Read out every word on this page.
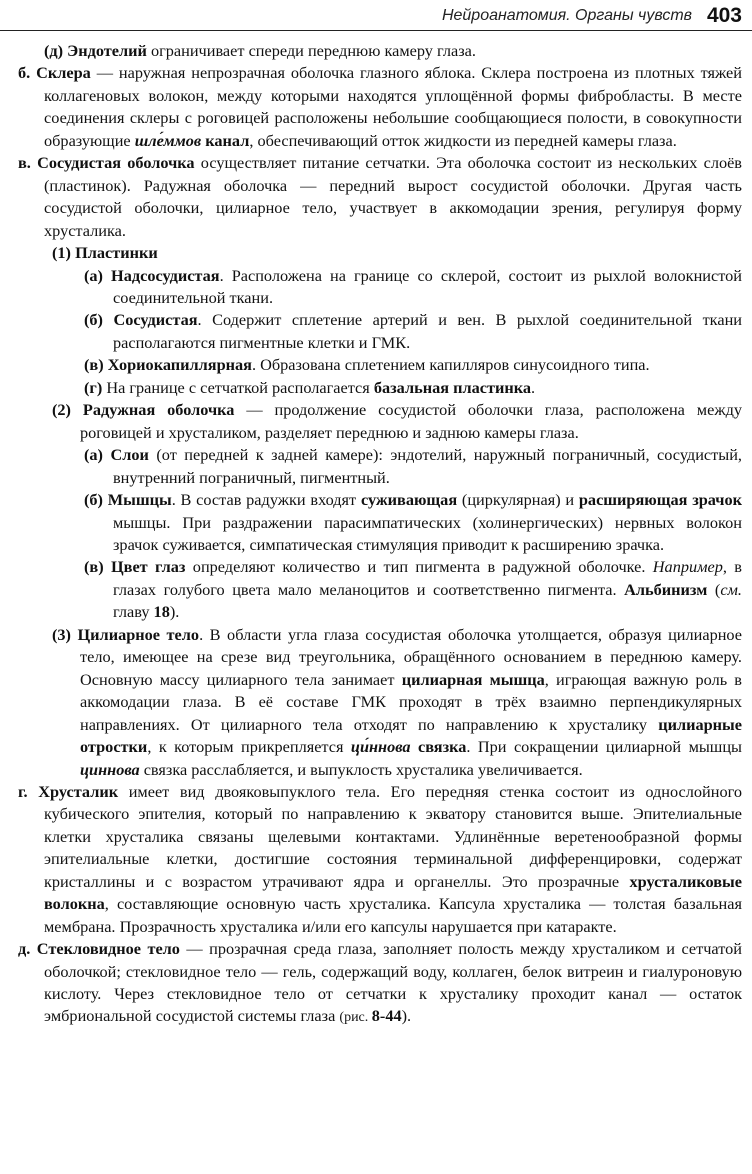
Нейроанатомия. Органы чувств 403

(д) Эндотелий ограничивает спереди переднюю камеру глаза.

б. Склера — наружная непрозрачная оболочка глазного яблока. Склера построена из плотных тяжей коллагеновых волокон, между которыми находятся уплощённой формы фибробласты. В месте соединения склеры с роговицей расположены небольшие сообщающиеся полости, в совокупности образующие шле́ммов канал, обеспечивающий отток жидкости из передней камеры глаза.

в. Сосудистая оболочка осуществляет питание сетчатки. Эта оболочка состоит из нескольких слоёв (пластинок). Радужная оболочка — передний вырост сосудистой оболочки. Другая часть сосудистой оболочки, цилиарное тело, участвует в аккомодации зрения, регулируя форму хрусталика.

(1) Пластинки

(а) Надсосудистая. Расположена на границе со склерой, состоит из рыхлой волокнистой соединительной ткани.

(б) Сосудистая. Содержит сплетение артерий и вен. В рыхлой соединительной ткани располагаются пигментные клетки и ГМК.

(в) Хориокапиллярная. Образована сплетением капилляров синусоидного типа.

(г) На границе с сетчаткой располагается базальная пластинка.

(2) Радужная оболочка — продолжение сосудистой оболочки глаза, расположена между роговицей и хрусталиком, разделяет переднюю и заднюю камеры глаза.

(а) Слои (от передней к задней камере): эндотелий, наружный пограничный, сосудистый, внутренний пограничный, пигментный.

(б) Мышцы. В состав радужки входят суживающая (циркулярная) и расширяющая зрачок мышцы. При раздражении парасимпатических (холинергических) нервных волокон зрачок суживается, симпатическая стимуляция приводит к расширению зрачка.

(в) Цвет глаз определяют количество и тип пигмента в радужной оболочке. Например, в глазах голубого цвета мало меланоцитов и соответственно пигмента. Альбинизм (см. главу 18).

(3) Цилиарное тело. В области угла глаза сосудистая оболочка утолщается, образуя цилиарное тело, имеющее на срезе вид треугольника, обращённого основанием в переднюю камеру. Основную массу цилиарного тела занимает цилиарная мышца, играющая важную роль в аккомодации глаза. В её составе ГМК проходят в трёх взаимно перпендикулярных направлениях. От цилиарного тела отходят по направлению к хрусталику цилиарные отростки, к которым прикрепляется ци́ннова связка. При сокращении цилиарной мышцы циннова связка расслабляется, и выпуклость хрусталика увеличивается.

г. Хрусталик имеет вид двояковыпуклого тела. Его передняя стенка состоит из однослойного кубического эпителия, который по направлению к экватору становится выше. Эпителиальные клетки хрусталика связаны щелевыми контактами. Удлинённые веретенообразной формы эпителиальные клетки, достигшие состояния терминальной дифференцировки, содержат кристаллины и с возрастом утрачивают ядра и органеллы. Это прозрачные хрусталиковые волокна, составляющие основную часть хрусталика. Капсула хрусталика — толстая базальная мембрана. Прозрачность хрусталика и/или его капсулы нарушается при катаракте.

д. Стекловидное тело — прозрачная среда глаза, заполняет полость между хрусталиком и сетчатой оболочкой; стекловидное тело — гель, содержащий воду, коллаген, белок витреин и гиалуроновую кислоту. Через стекловидное тело от сетчатки к хрусталику проходит канал — остаток эмбриональной сосудистой системы глаза (рис. 8-44).
